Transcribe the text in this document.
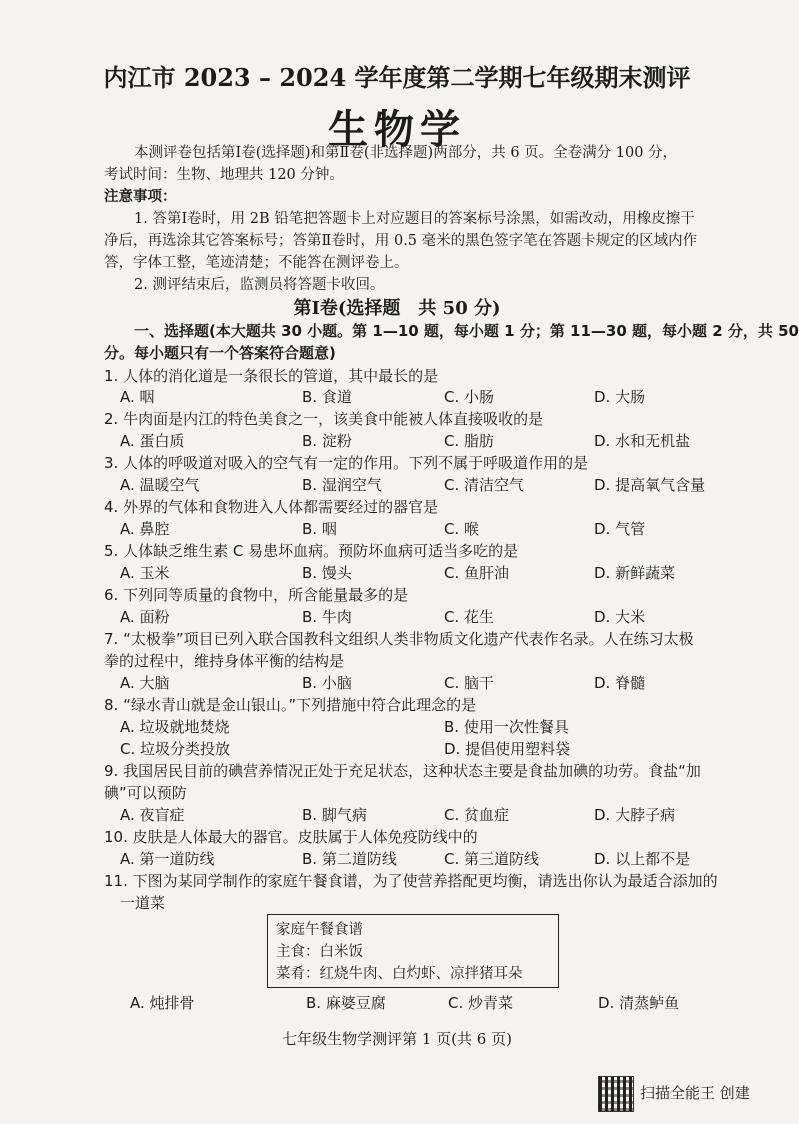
内江市 2023 – 2024 学年度第二学期七年级期末测评
生物学
本测评卷包括第Ⅰ卷(选择题)和第Ⅱ卷(非选择题)两部分，共 6 页。全卷满分 100 分，
考试时间：生物、地理共 120 分钟。
注意事项：
1. 答第Ⅰ卷时，用 2B 铅笔把答题卡上对应题目的答案标号涂黑，如需改动，用橡皮擦干
净后，再选涂其它答案标号；答第Ⅱ卷时，用 0.5 毫米的黑色签字笔在答题卡规定的区域内作
答，字体工整，笔迹清楚；不能答在测评卷上。
2. 测评结束后，监测员将答题卡收回。
第Ⅰ卷(选择题　共 50 分)
一、选择题(本大题共 30 小题。第 1—10 题，每小题 1 分；第 11—30 题，每小题 2 分，共 50
分。每小题只有一个答案符合题意)
1. 人体的消化道是一条很长的管道，其中最长的是
A. 咽	B. 食道	C. 小肠	D. 大肠
2. 牛肉面是内江的特色美食之一，该美食中能被人体直接吸收的是
A. 蛋白质	B. 淀粉	C. 脂肪	D. 水和无机盐
3. 人体的呼吸道对吸入的空气有一定的作用。下列不属于呼吸道作用的是
A. 温暖空气	B. 湿润空气	C. 清洁空气	D. 提高氧气含量
4. 外界的气体和食物进入人体都需要经过的器官是
A. 鼻腔	B. 咽	C. 喉	D. 气管
5. 人体缺乏维生素 C 易患坏血病。预防坏血病可适当多吃的是
A. 玉米	B. 馒头	C. 鱼肝油	D. 新鲜蔬菜
6. 下列同等质量的食物中，所含能量最多的是
A. 面粉	B. 牛肉	C. 花生	D. 大米
7. “太极拳”项目已列入联合国教科文组织人类非物质文化遗产代表作名录。人在练习太极
拳的过程中，维持身体平衡的结构是
A. 大脑	B. 小脑	C. 脑干	D. 脊髓
8. “绿水青山就是金山银山。”下列措施中符合此理念的是
A. 垃圾就地焚烧	B. 使用一次性餐具
C. 垃圾分类投放	D. 提倡使用塑料袋
9. 我国居民目前的碘营养情况正处于充足状态，这种状态主要是食盐加碘的功劳。食盐“加
碘”可以预防
A. 夜盲症	B. 脚气病	C. 贫血症	D. 大脖子病
10. 皮肤是人体最大的器官。皮肤属于人体免疫防线中的
A. 第一道防线	B. 第二道防线	C. 第三道防线	D. 以上都不是
11. 下图为某同学制作的家庭午餐食谱，为了使营养搭配更均衡，请选出你认为最适合添加的
一道菜
家庭午餐食谱
主食：白米饭
菜肴：红烧牛肉、白灼虾、凉拌猪耳朵
A. 炖排骨	B. 麻婆豆腐	C. 炒青菜	D. 清蒸鲈鱼
七年级生物学测评第 1 页(共 6 页)
扫描全能王 创建
